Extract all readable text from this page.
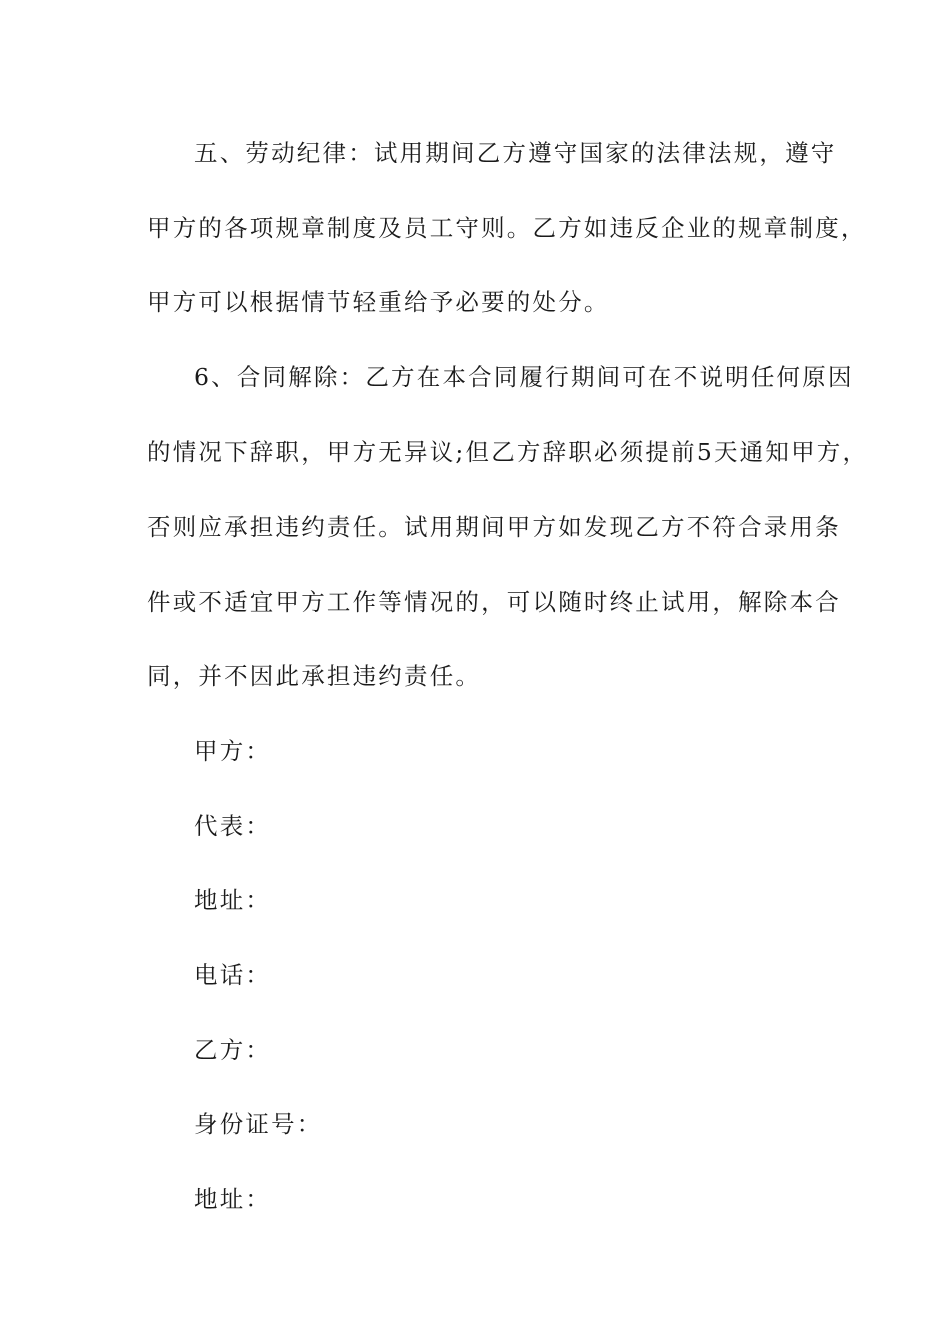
五、劳动纪律：试用期间乙方遵守国家的法律法规，遵守
甲方的各项规章制度及员工守则。乙方如违反企业的规章制度，
甲方可以根据情节轻重给予必要的处分。
6、合同解除：乙方在本合同履行期间可在不说明任何原因
的情况下辞职，甲方无异议;但乙方辞职必须提前5天通知甲方，
否则应承担违约责任。试用期间甲方如发现乙方不符合录用条
件或不适宜甲方工作等情况的，可以随时终止试用，解除本合
同，并不因此承担违约责任。
甲方：
代表：
地址：
电话：
乙方：
身份证号：
地址：
